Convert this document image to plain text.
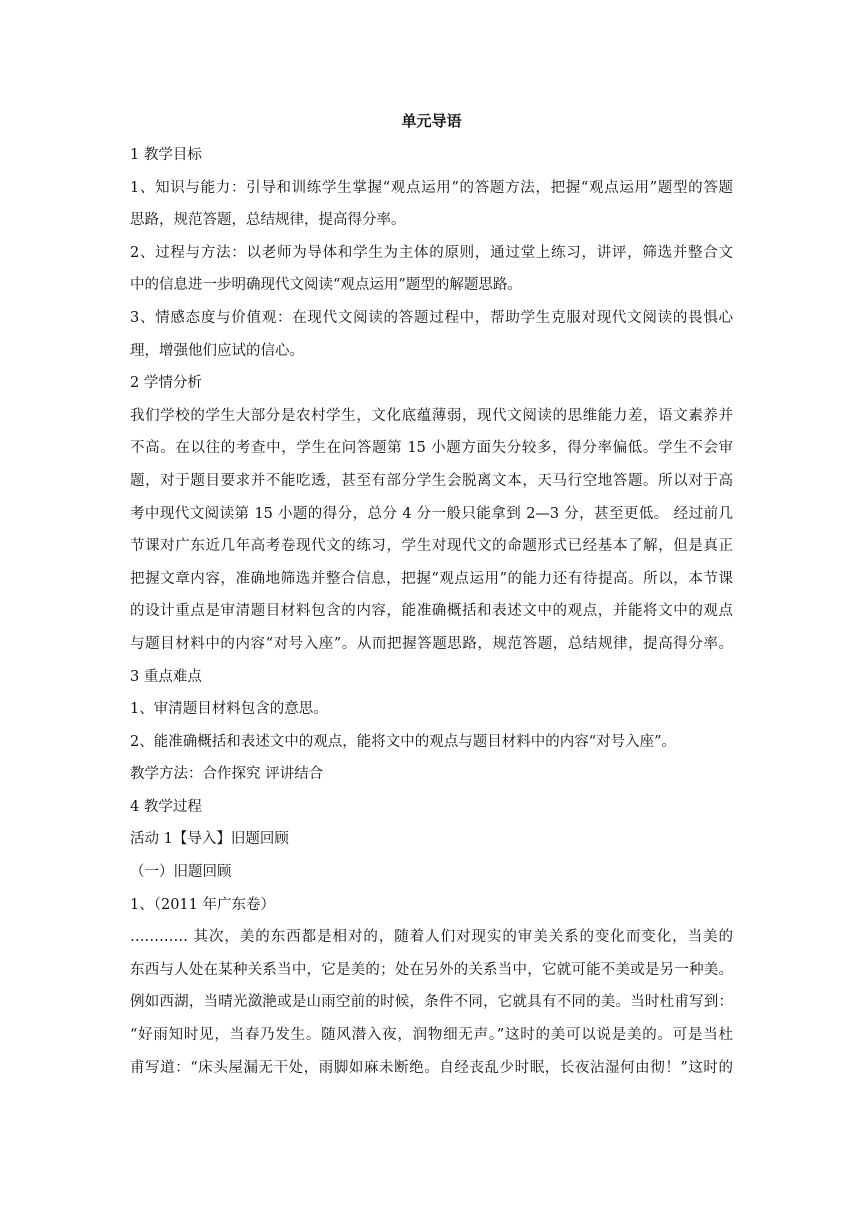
单元导语

1 教学目标

1、知识与能力：引导和训练学生掌握“观点运用”的答题方法，把握“观点运用”题型的答题

思路，规范答题，总结规律，提高得分率。

2、过程与方法：以老师为导体和学生为主体的原则，通过堂上练习，讲评，筛选并整合文

中的信息进一步明确现代文阅读“观点运用”题型的解题思路。

3、情感态度与价值观：在现代文阅读的答题过程中，帮助学生克服对现代文阅读的畏惧心

理，增强他们应试的信心。

2 学情分析

我们学校的学生大部分是农村学生，文化底蕴薄弱，现代文阅读的思维能力差，语文素养并

不高。在以往的考查中，学生在问答题第 15 小题方面失分较多，得分率偏低。学生不会审

题，对于题目要求并不能吃透，甚至有部分学生会脱离文本，天马行空地答题。所以对于高

考中现代文阅读第 15 小题的得分，总分 4 分一般只能拿到 2—3 分，甚至更低。 经过前几

节课对广东近几年高考卷现代文的练习，学生对现代文的命题形式已经基本了解，但是真正

把握文章内容，准确地筛选并整合信息，把握“观点运用”的能力还有待提高。所以，本节课

的设计重点是审清题目材料包含的内容，能准确概括和表述文中的观点，并能将文中的观点

与题目材料中的内容“对号入座”。从而把握答题思路，规范答题，总结规律，提高得分率。

3 重点难点

1、审清题目材料包含的意思。

2、能准确概括和表述文中的观点，能将文中的观点与题目材料中的内容“对号入座”。

教学方法：合作探究 评讲结合

4 教学过程

活动 1【导入】旧题回顾

（一）旧题回顾

1、（2011 年广东卷）

………… 其次，美的东西都是相对的，随着人们对现实的审美关系的变化而变化，当美的

东西与人处在某种关系当中，它是美的；处在另外的关系当中，它就可能不美或是另一种美。

例如西湖，当晴光潋滟或是山雨空前的时候，条件不同，它就具有不同的美。当时杜甫写到：

“好雨知时见，当春乃发生。随风潜入夜，润物细无声。”这时的美可以说是美的。可是当杜

甫写道：“床头屋漏无干处，雨脚如麻未断绝。自经丧乱少时眠，长夜沾湿何由彻！”这时的
